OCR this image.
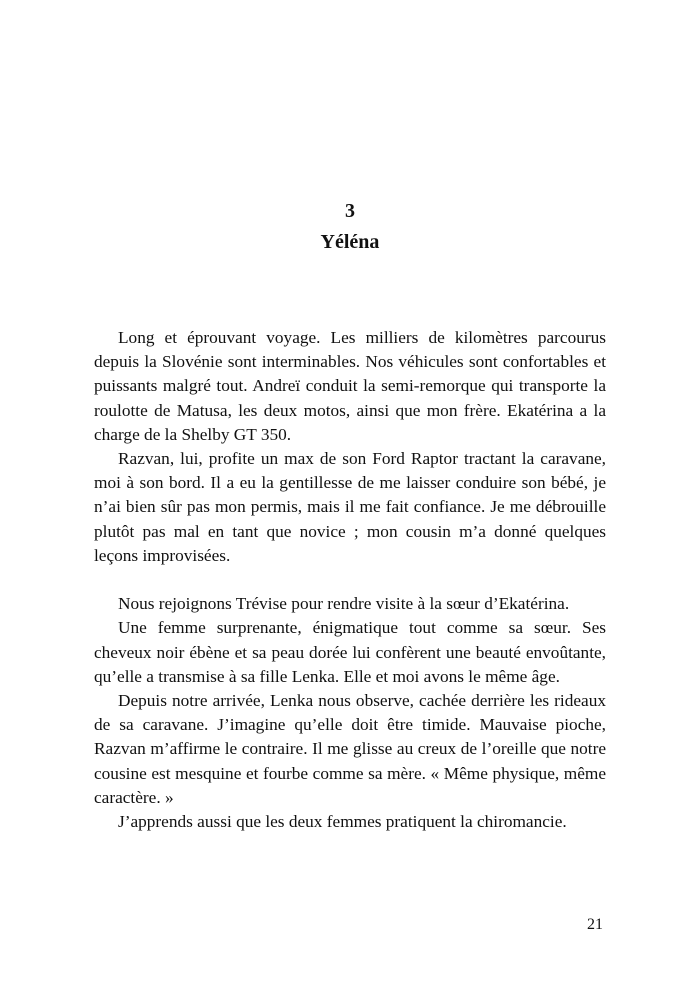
3
Yéléna

Long et éprouvant voyage. Les milliers de kilomètres parcourus depuis la Slovénie sont interminables. Nos véhicules sont confortables et puissants malgré tout. Andreï conduit la semi-remorque qui transporte la roulotte de Matusa, les deux motos, ainsi que mon frère. Ekatérina a la charge de la Shelby GT 350.

Razvan, lui, profite un max de son Ford Raptor tractant la caravane, moi à son bord. Il a eu la gentillesse de me laisser conduire son bébé, je n’ai bien sûr pas mon permis, mais il me fait confiance. Je me débrouille plutôt pas mal en tant que novice ; mon cousin m’a donné quelques leçons improvisées.

Nous rejoignons Trévise pour rendre visite à la sœur d’Ekatérina.

Une femme surprenante, énigmatique tout comme sa sœur. Ses cheveux noir ébène et sa peau dorée lui confèrent une beauté envoûtante, qu’elle a transmise à sa fille Lenka. Elle et moi avons le même âge.

Depuis notre arrivée, Lenka nous observe, cachée derrière les rideaux de sa caravane. J’imagine qu’elle doit être timide. Mauvaise pioche, Razvan m’affirme le contraire. Il me glisse au creux de l’oreille que notre cousine est mesquine et fourbe comme sa mère. « Même physique, même caractère. »

J’apprends aussi que les deux femmes pratiquent la chiromancie.

21
